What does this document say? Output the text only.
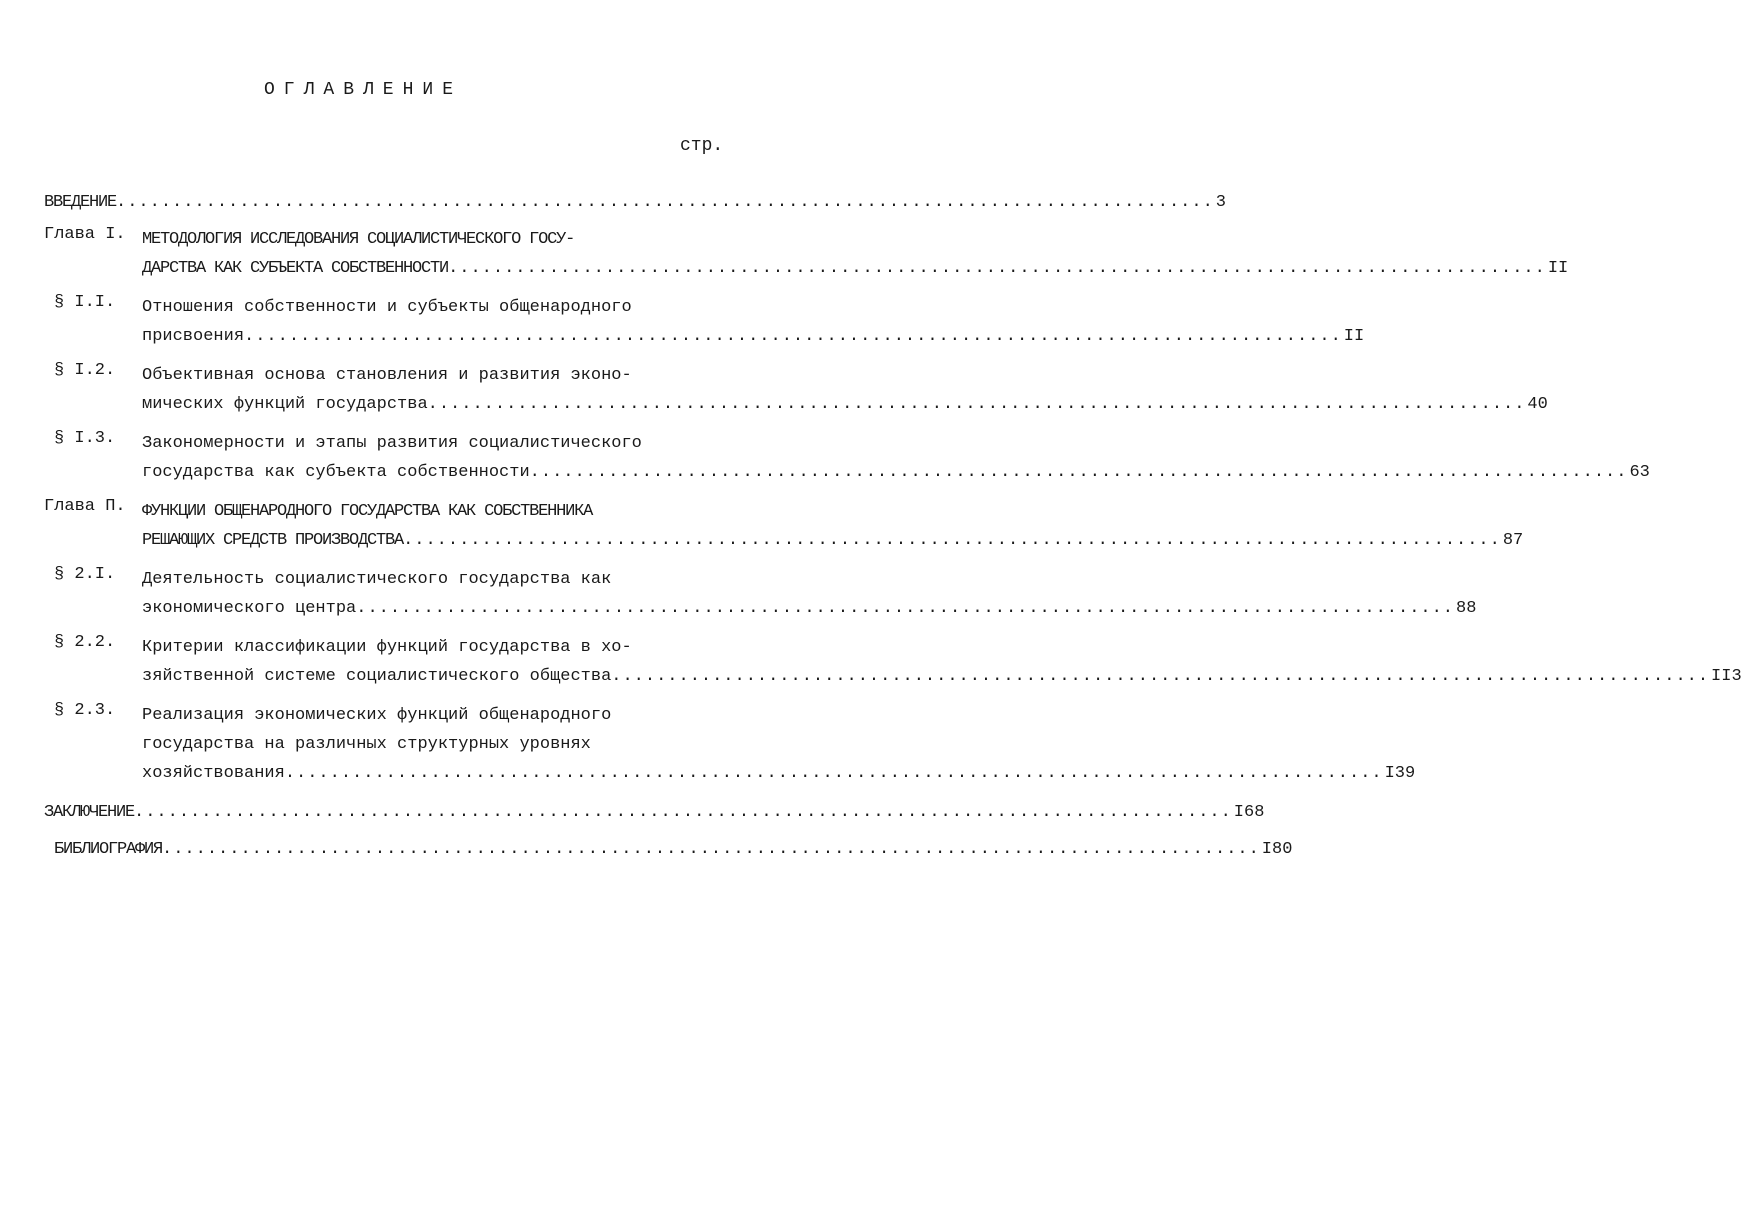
ОГЛАВЛЕНИЕ
стр.
ВВЕДЕНИЕ .................................................................................................. 3
Глава I. МЕТОДОЛОГИЯ ИССЛЕДОВАНИЯ СОЦИАЛИСТИЧЕСКОГО ГОСУ-
ДАРСТВА КАК СУБЪЕКТА СОБСТВЕННОСТИ .................................................................................................. II
§ I.I.	Отношения собственности и субъекты общенародного
присвоения .................................................................................................. II
§ I.2.	Объективная основа становления и развития эконо-
мических функций государства .................................................................................................. 40
§ I.3.	Закономерности и этапы развития социалистического
государства как субъекта собственности .................................................................................................. 63
Глава П. ФУНКЦИИ ОБЩЕНАРОДНОГО ГОСУДАРСТВА КАК СОБСТВЕННИКА
РЕШАЮЩИХ СРЕДСТВ ПРОИЗВОДСТВА .................................................................................................. 87
§ 2.I.	Деятельность социалистического государства как
экономического центра .................................................................................................. 88
§ 2.2.	Критерии классификации функций государства в хо-
зяйственной системе социалистического общества .................................................................................................. II3
§ 2.3.	Реализация экономических функций общенародного
государства на различных структурных уровнях
хозяйствования .................................................................................................. I39
ЗАКЛЮЧЕНИЕ .................................................................................................. I68
БИБЛИОГРАФИЯ .................................................................................................. I80
